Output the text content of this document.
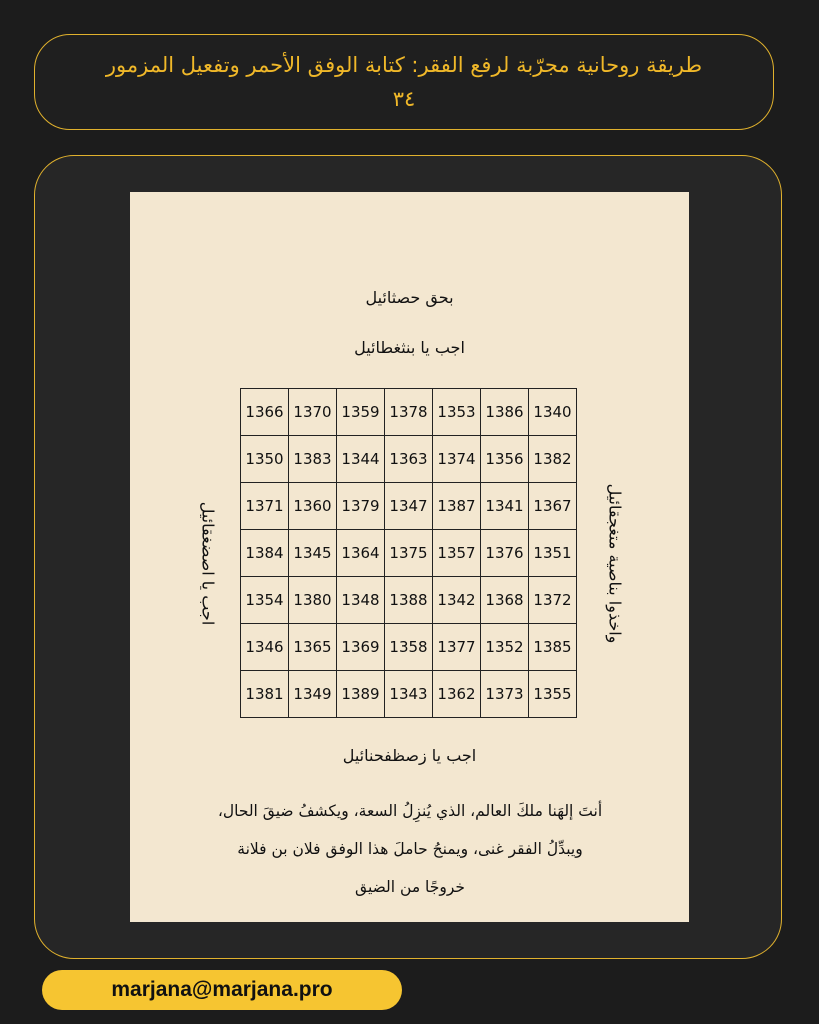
طريقة روحانية مجرّبة لرفع الفقر: كتابة الوفق الأحمر وتفعيل المزمور ٣٤
بحق حصثائيل
اجب يا بنثغطائيل
اجب يا اصضغقائيل	واخذوا بناصية متغجقائيل
1366	1370	1359	1378	1353	1386	1340
1350	1383	1344	1363	1374	1356	1382
1371	1360	1379	1347	1387	1341	1367
1384	1345	1364	1375	1357	1376	1351
1354	1380	1348	1388	1342	1368	1372
1346	1365	1369	1358	1377	1352	1385
1381	1349	1389	1343	1362	1373	1355
اجب يا زصظفحنائيل
أنتَ إلهَنا ملكَ العالم، الذي يُنزِلُ السعة، ويكشفُ ضيقَ الحال،
ويبدِّلُ الفقر غنى، ويمنحُ حاملَ هذا الوفق فلان بن فلانة
خروجًا من الضيق
marjana@marjana.pro
